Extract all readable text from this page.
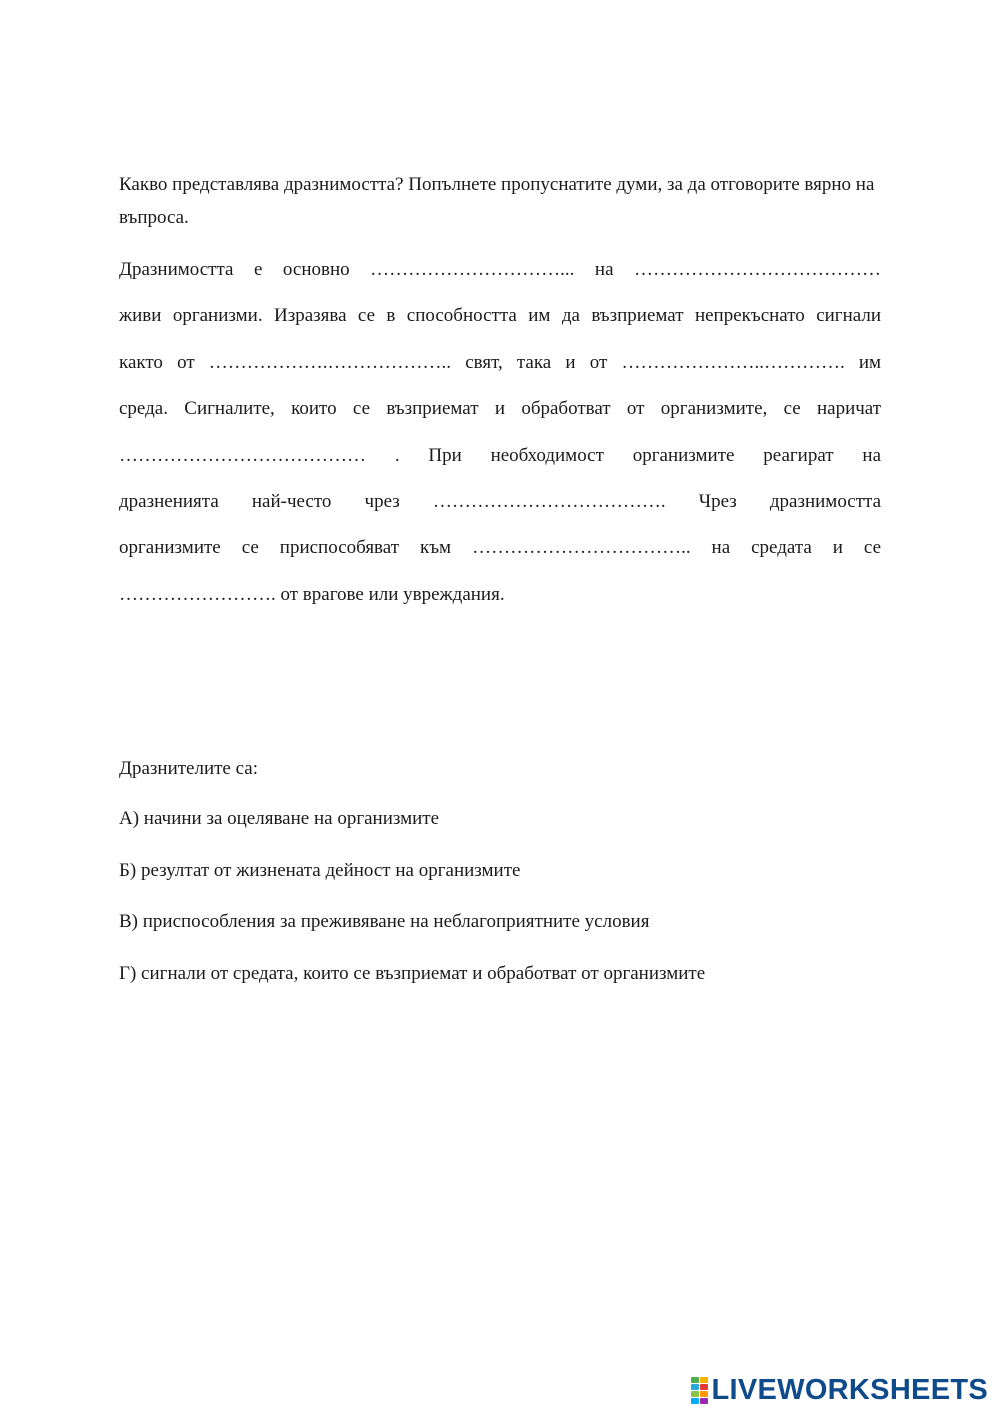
Какво представлява дразнимостта? Попълнете пропуснатите думи, за да отговорите вярно на въпроса.

Дразнимостта е основно …………………………... на …………………………………
живи организми. Изразява се в способността им да възприемат непрекъснато сигнали
както от ……………….……………….. свят, така и от …………………..…………. им
среда. Сигналите, които се възприемат и обработват от организмите, се наричат
………………………………… . При необходимост организмите реагират на
дразненията най-често чрез ………………………………. Чрез дразнимостта
организмите се приспособяват към …………………………….. на средата и се
……………………. от врагове или увреждания.

Дразнителите са:

А) начини за оцеляване на организмите
Б) резултат от жизнената дейност на организмите
В) приспособления за преживяване на неблагоприятните условия
Г) сигнали от средата, които се възприемат и обработват от организмите
LIVEWORKSHEETS
